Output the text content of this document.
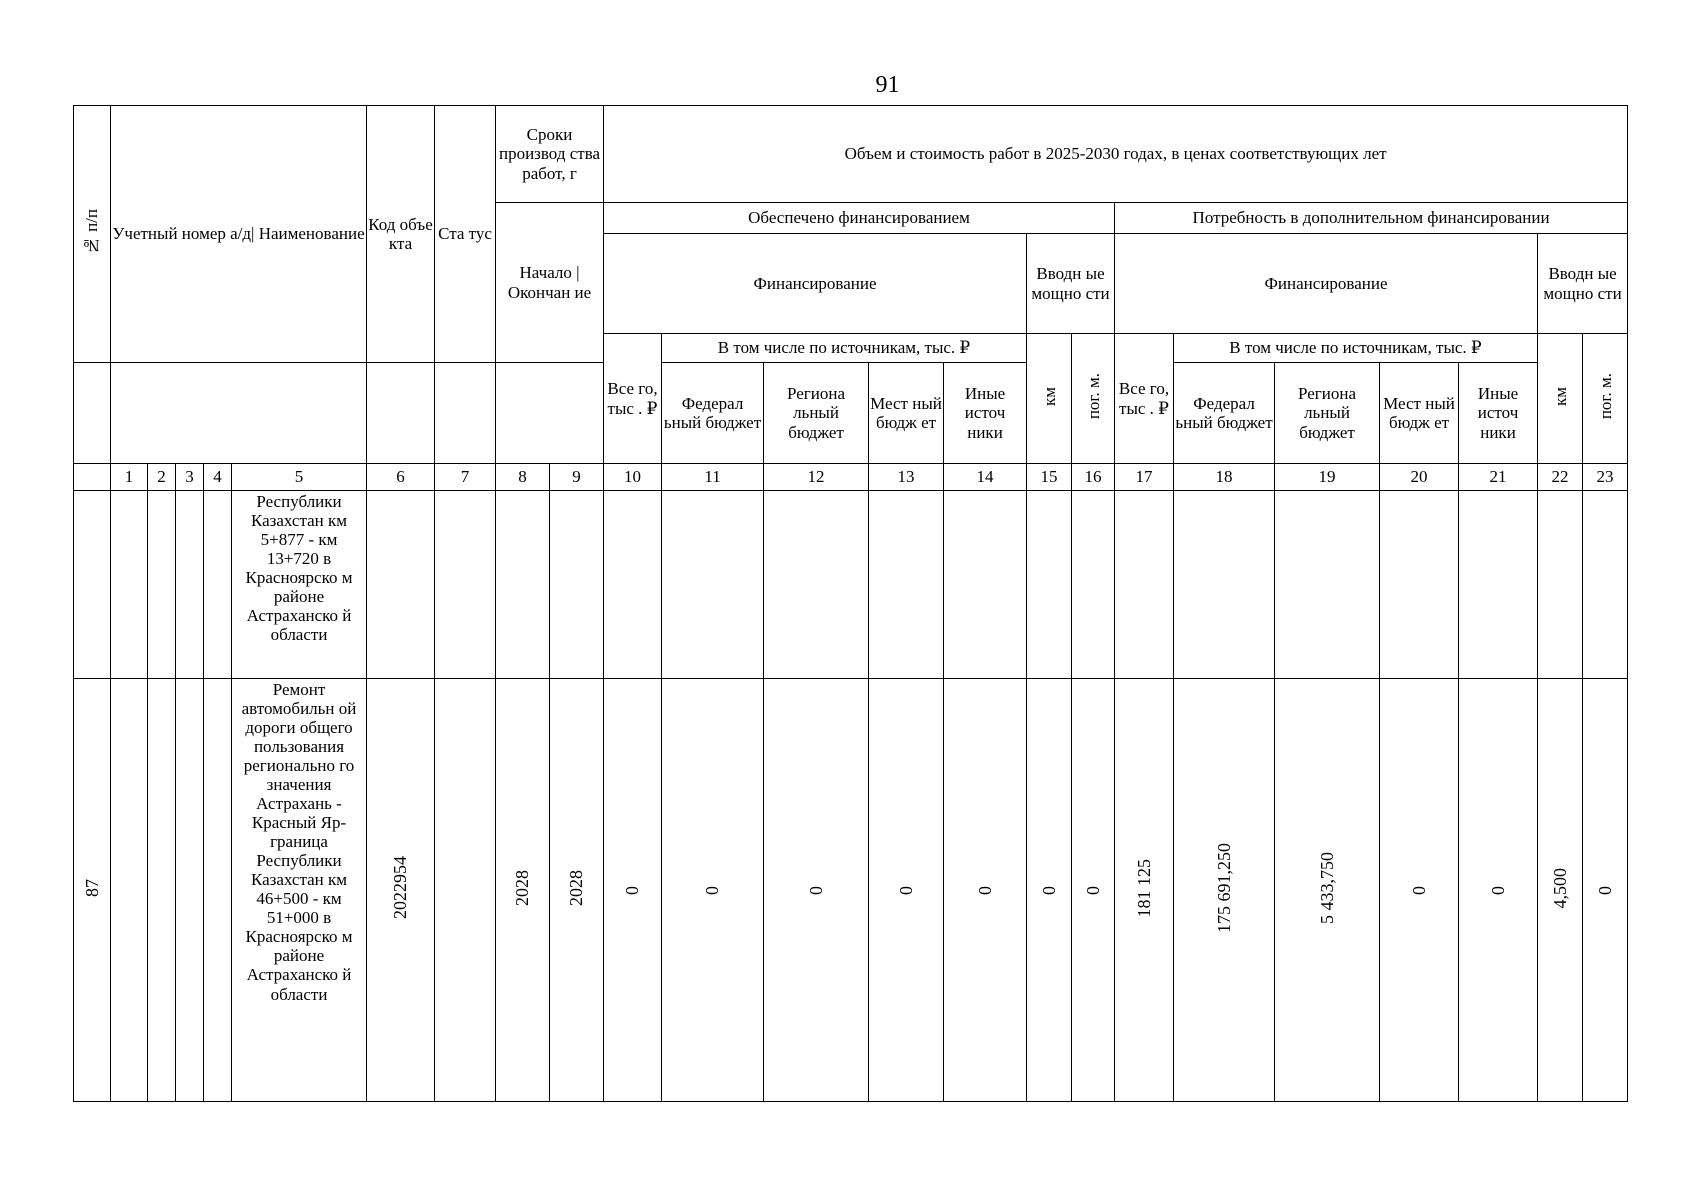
91
№ п/п	Учетный номер а/д| Наименование					Код объе кта	Ста тус	Сроки производ ства работ, г		Объем и стоимость работ в 2025-2030 годах, в ценах соответствующих лет													
								Начало | Окончан ие		Обеспечено финансированием							Потребность в дополнительном финансировании						
										Финансирование					Вводн ые мощно сти		Финансирование					Вводн ые мощно сти	
										Все го, тыс . ₽	В том числе по источникам, тыс. ₽				км	пог. м.	Все го, тыс . ₽	В том числе по источникам, тыс. ₽				км	пог. м.
											Федерал ьный бюджет	Региона льный бюджет	Мест ный бюдж ет	Иные источ ники				Федерал ьный бюджет	Региона льный бюджет	Мест ный бюдж ет	Иные источ ники		
	1	2	3	4	5	6	7	8	9	10	11	12	13	14	15	16	17	18	19	20	21	22	23
					Республики Казахстан км 5+877 - км 13+720 в Красноярско м районе Астраханско й области																		
87					Ремонт автомобильн ой дороги общего пользования регионально го значения Астрахань - Красный Яр-граница Республики Казахстан км 46+500 - км 51+000 в Красноярско м районе Астраханско й области	2022954		2028	2028	0	0	0	0	0	0	0	181 125	175 691,250	5 433,750	0	0	4,500	0
